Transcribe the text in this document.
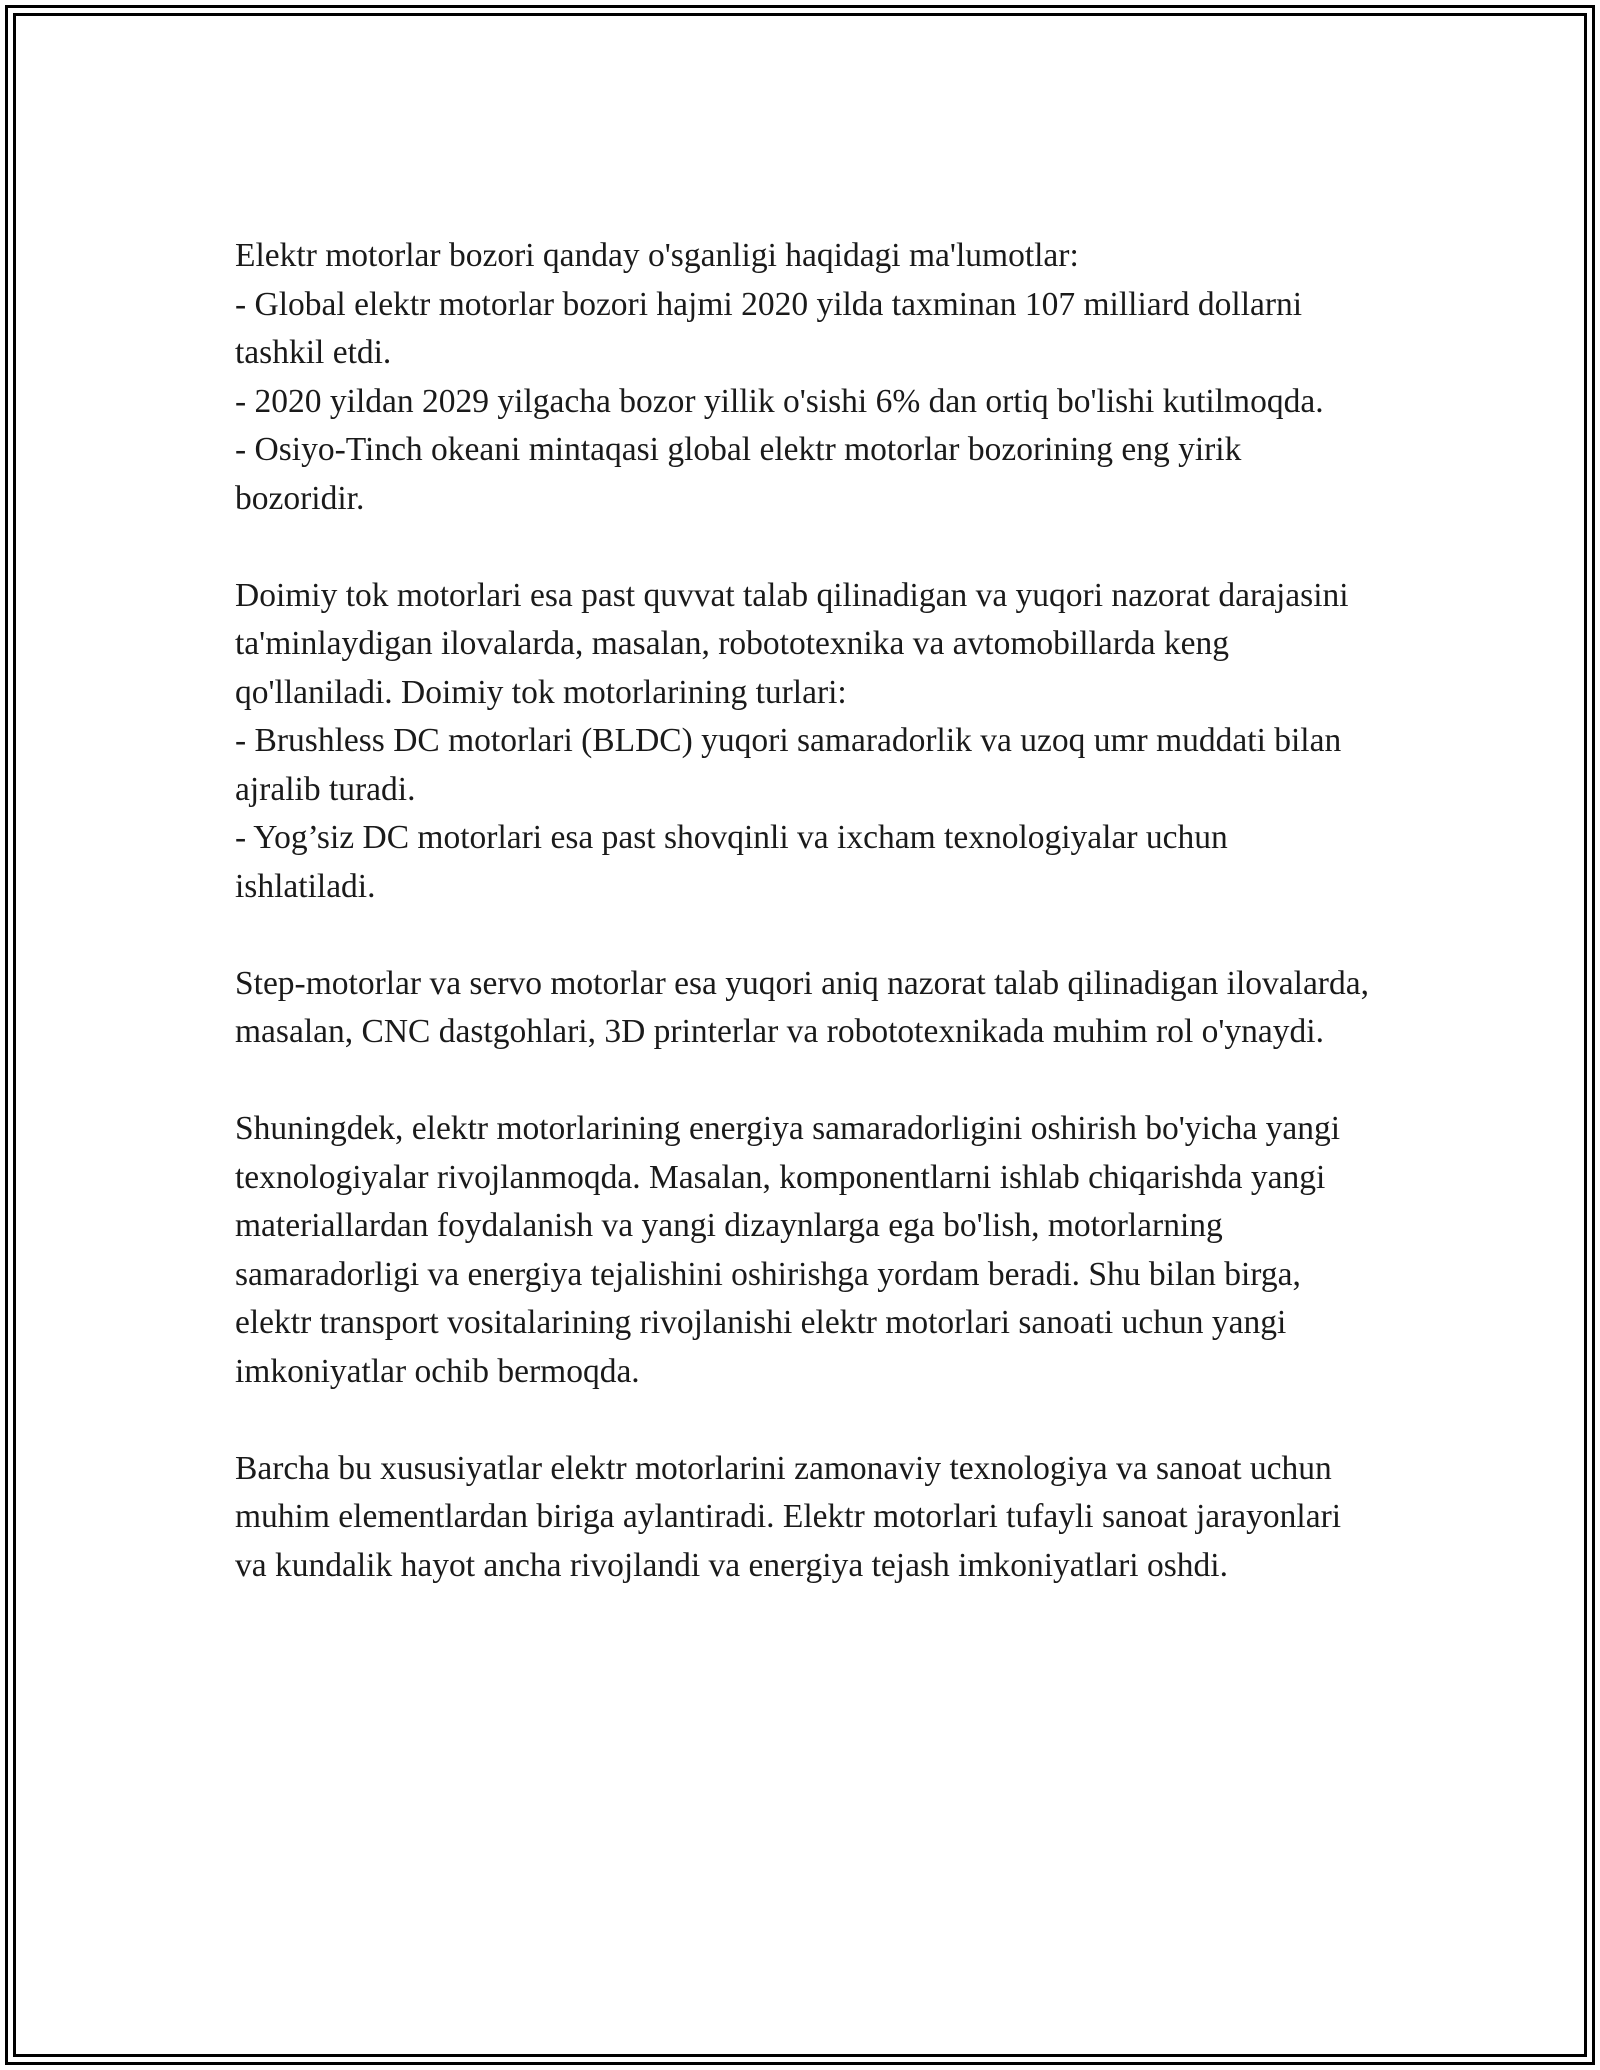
Elektr motorlar bozori qanday o'sganligi haqidagi ma'lumotlar:
- Global elektr motorlar bozori hajmi 2020 yilda taxminan 107 milliard dollarni tashkil etdi.
- 2020 yildan 2029 yilgacha bozor yillik o'sishi 6% dan ortiq bo'lishi kutilmoqda.
- Osiyo-Tinch okeani mintaqasi global elektr motorlar bozorining eng yirik bozoridir.
Doimiy tok motorlari esa past quvvat talab qilinadigan va yuqori nazorat darajasini ta'minlaydigan ilovalarda, masalan, robototexnika va avtomobillarda keng qo'llaniladi. Doimiy tok motorlarining turlari:
- Brushless DC motorlari (BLDC) yuqori samaradorlik va uzoq umr muddati bilan ajralib turadi.
- Yog’siz DC motorlari esa past shovqinli va ixcham texnologiyalar uchun ishlatiladi.
Step-motorlar va servo motorlar esa yuqori aniq nazorat talab qilinadigan ilovalarda, masalan, CNC dastgohlari, 3D printerlar va robototexnikada muhim rol o'ynaydi.
Shuningdek, elektr motorlarining energiya samaradorligini oshirish bo'yicha yangi texnologiyalar rivojlanmoqda. Masalan, komponentlarni ishlab chiqarishda yangi materiallardan foydalanish va yangi dizaynlarga ega bo'lish, motorlarning samaradorligi va energiya tejalishini oshirishga yordam beradi. Shu bilan birga, elektr transport vositalarining rivojlanishi elektr motorlari sanoati uchun yangi imkoniyatlar ochib bermoqda.
Barcha bu xususiyatlar elektr motorlarini zamonaviy texnologiya va sanoat uchun muhim elementlardan biriga aylantiradi. Elektr motorlari tufayli sanoat jarayonlari va kundalik hayot ancha rivojlandi va energiya tejash imkoniyatlari oshdi.
